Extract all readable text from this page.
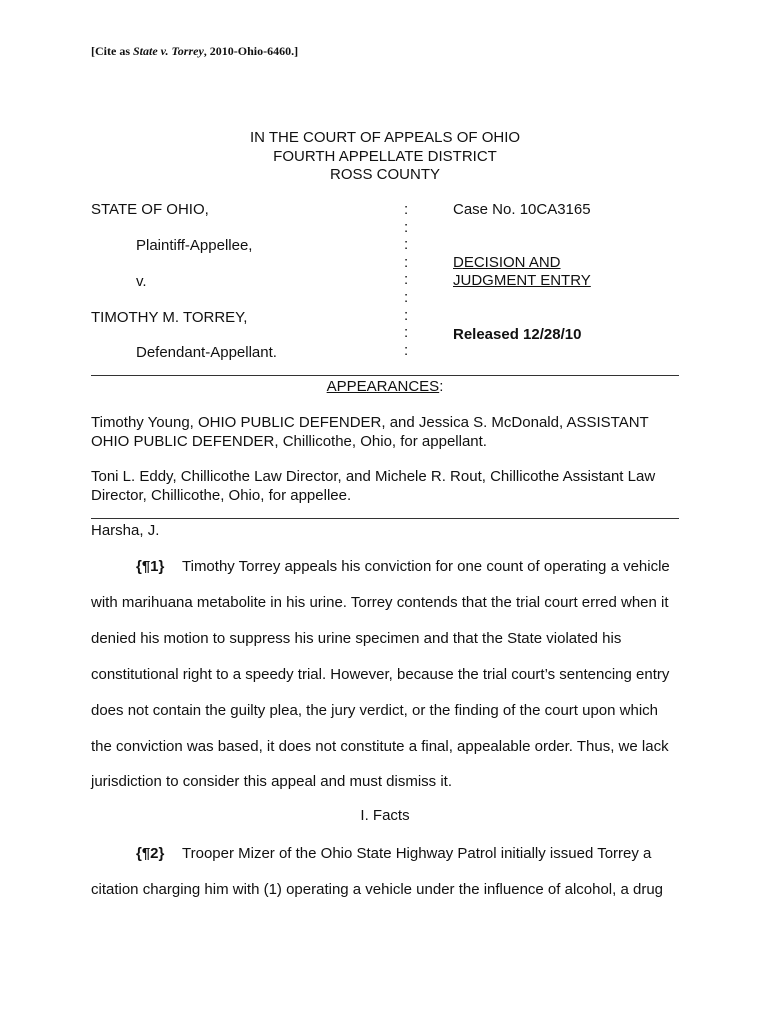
[Cite as State v. Torrey, 2010-Ohio-6460.]
IN THE COURT OF APPEALS OF OHIO
FOURTH APPELLATE DISTRICT
ROSS COUNTY
STATE OF OHIO,
Plaintiff-Appellee,
v.
TIMOTHY M. TORREY,
Defendant-Appellant.
:
:
:
:
:
:
:
:
:
Case No. 10CA3165
DECISION AND
JUDGMENT ENTRY
Released 12/28/10
APPEARANCES:
Timothy Young, OHIO PUBLIC DEFENDER, and Jessica S. McDonald, ASSISTANT OHIO PUBLIC DEFENDER, Chillicothe, Ohio, for appellant.
Toni L. Eddy, Chillicothe Law Director, and Michele R. Rout, Chillicothe Assistant Law Director, Chillicothe, Ohio, for appellee.
Harsha, J.
{¶1} Timothy Torrey appeals his conviction for one count of operating a vehicle
with marihuana metabolite in his urine. Torrey contends that the trial court erred when it
denied his motion to suppress his urine specimen and that the State violated his
constitutional right to a speedy trial. However, because the trial court’s sentencing entry
does not contain the guilty plea, the jury verdict, or the finding of the court upon which
the conviction was based, it does not constitute a final, appealable order. Thus, we lack
jurisdiction to consider this appeal and must dismiss it.
I. Facts
{¶2} Trooper Mizer of the Ohio State Highway Patrol initially issued Torrey a
citation charging him with (1) operating a vehicle under the influence of alcohol, a drug
